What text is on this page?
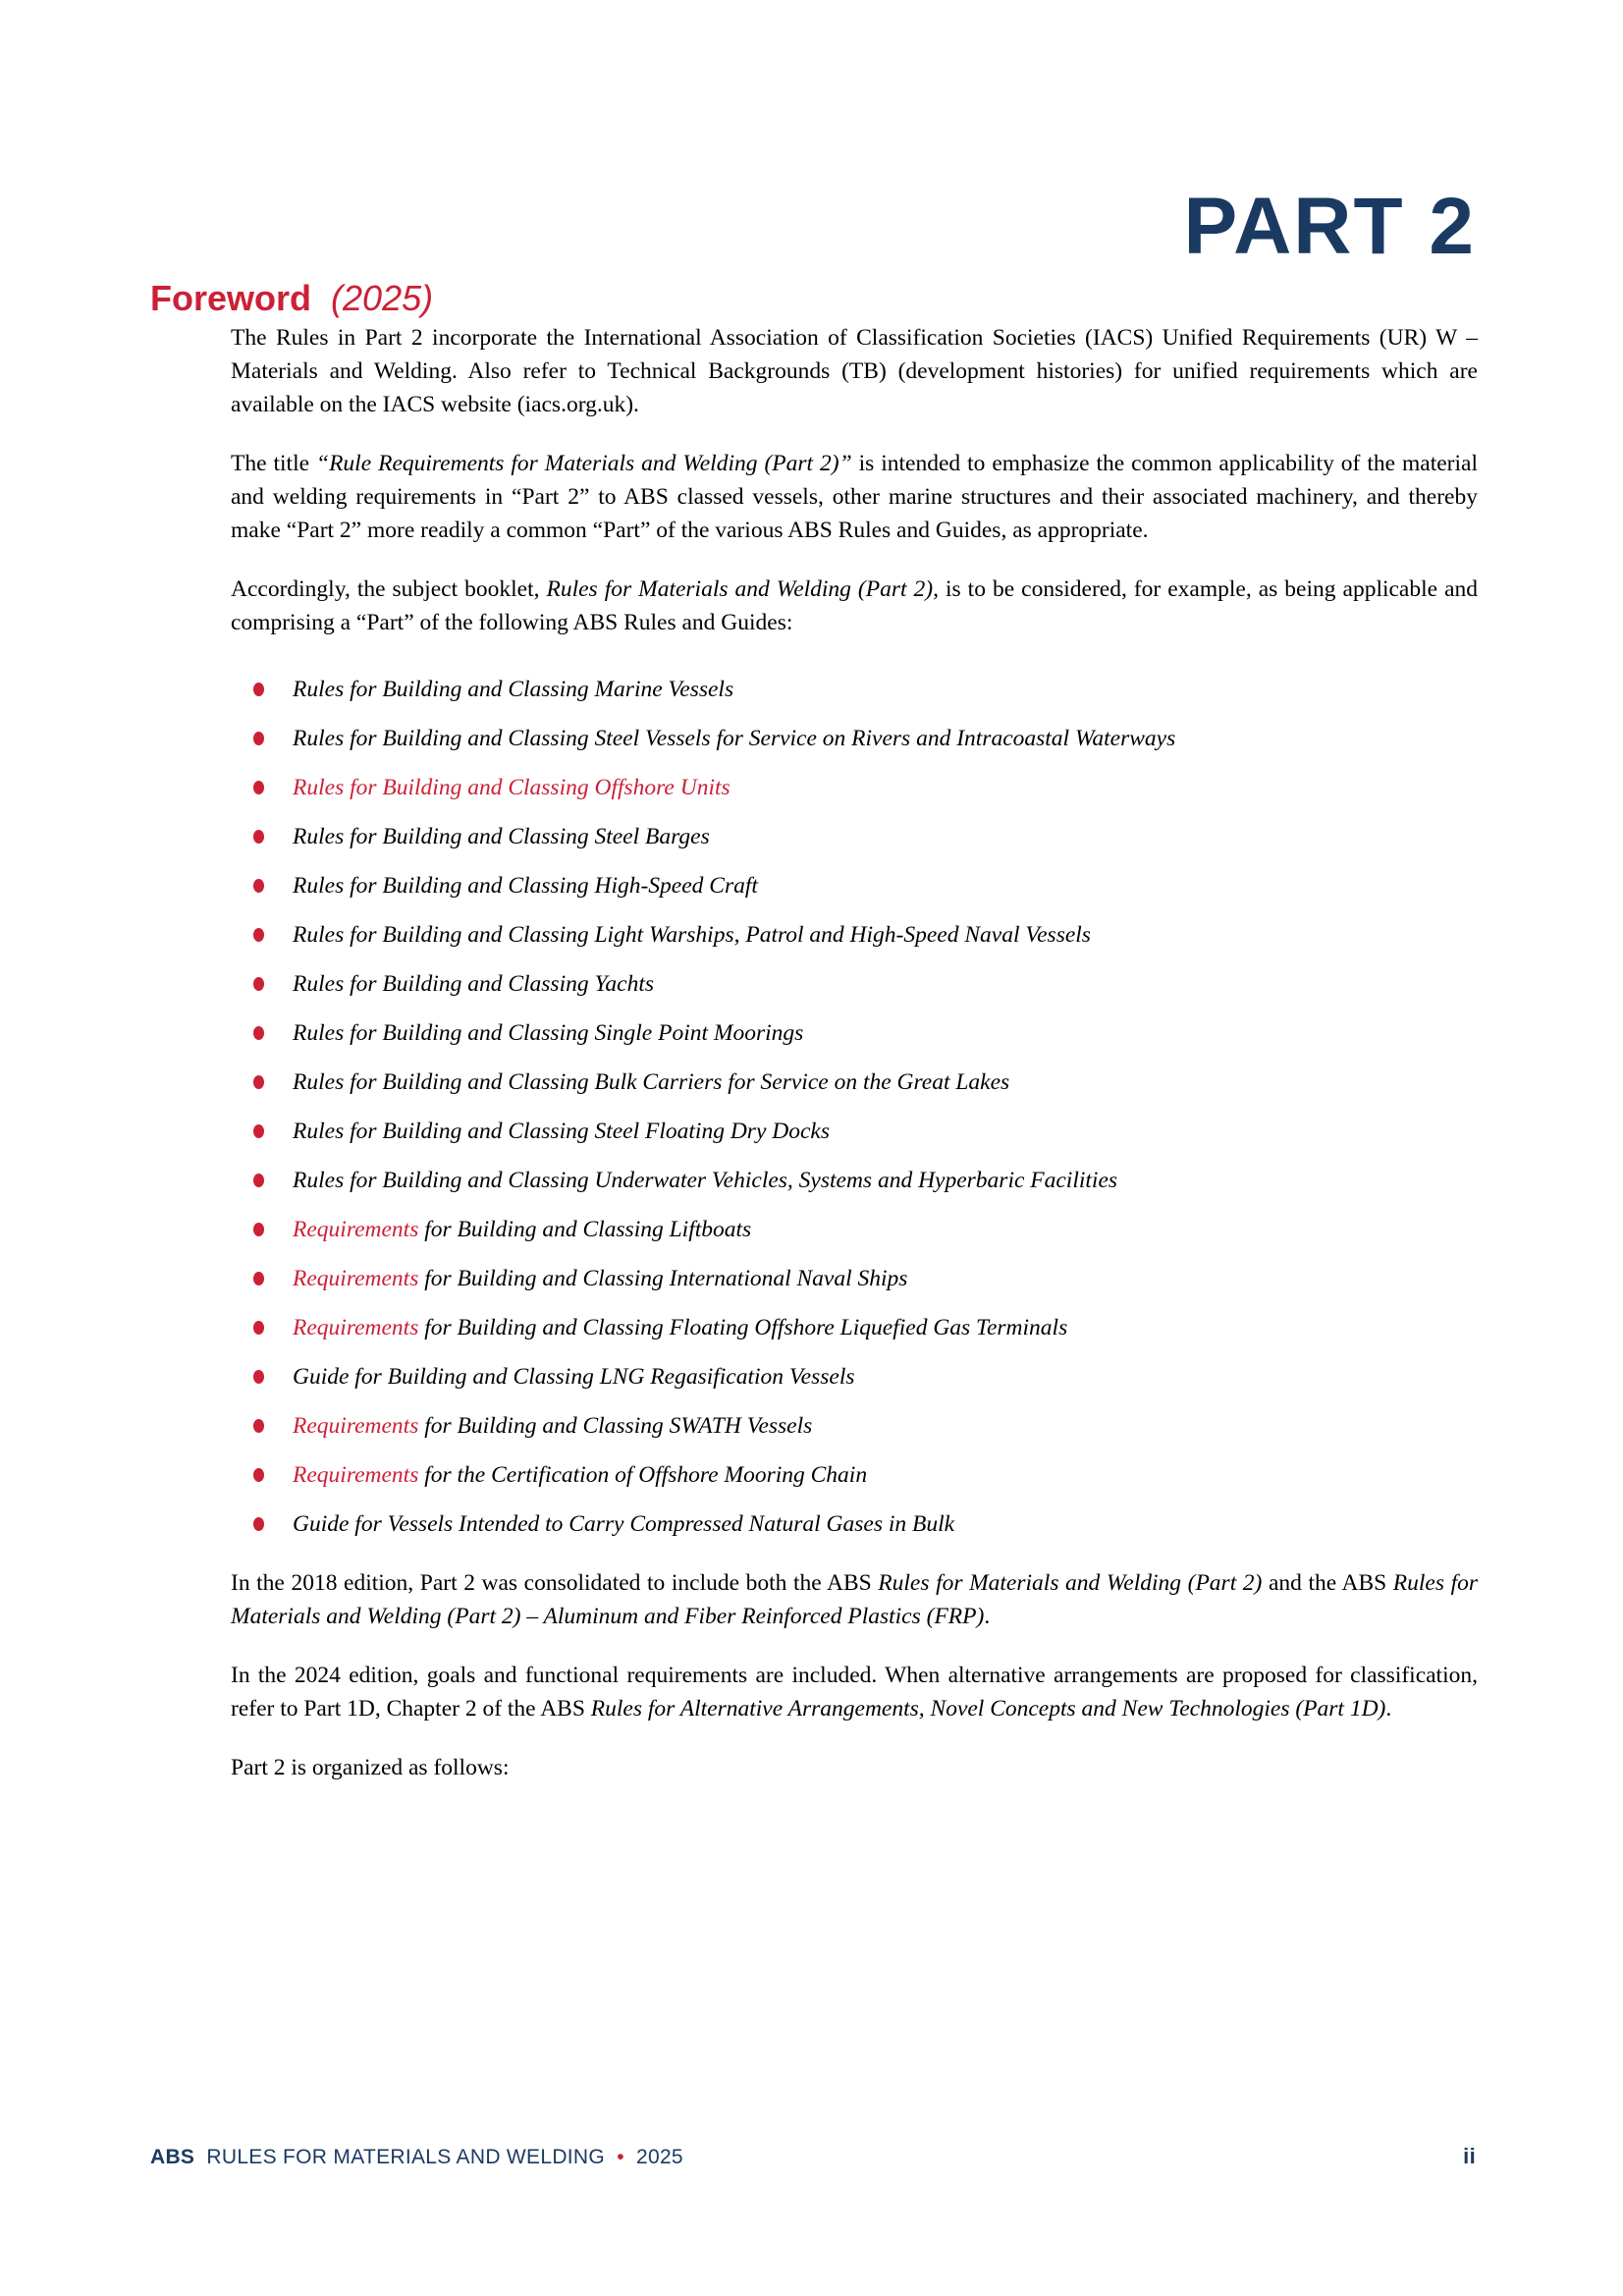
PART 2
Foreword (2025)

The Rules in Part 2 incorporate the International Association of Classification Societies (IACS) Unified Requirements (UR) W – Materials and Welding. Also refer to Technical Backgrounds (TB) (development histories) for unified requirements which are available on the IACS website (iacs.org.uk).

The title “Rule Requirements for Materials and Welding (Part 2)” is intended to emphasize the common applicability of the material and welding requirements in “Part 2” to ABS classed vessels, other marine structures and their associated machinery, and thereby make “Part 2” more readily a common “Part” of the various ABS Rules and Guides, as appropriate.

Accordingly, the subject booklet, Rules for Materials and Welding (Part 2), is to be considered, for example, as being applicable and comprising a “Part” of the following ABS Rules and Guides:

Rules for Building and Classing Marine Vessels
Rules for Building and Classing Steel Vessels for Service on Rivers and Intracoastal Waterways
Rules for Building and Classing Offshore Units
Rules for Building and Classing Steel Barges
Rules for Building and Classing High-Speed Craft
Rules for Building and Classing Light Warships, Patrol and High-Speed Naval Vessels
Rules for Building and Classing Yachts
Rules for Building and Classing Single Point Moorings
Rules for Building and Classing Bulk Carriers for Service on the Great Lakes
Rules for Building and Classing Steel Floating Dry Docks
Rules for Building and Classing Underwater Vehicles, Systems and Hyperbaric Facilities
Requirements for Building and Classing Liftboats
Requirements for Building and Classing International Naval Ships
Requirements for Building and Classing Floating Offshore Liquefied Gas Terminals
Guide for Building and Classing LNG Regasification Vessels
Requirements for Building and Classing SWATH Vessels
Requirements for the Certification of Offshore Mooring Chain
Guide for Vessels Intended to Carry Compressed Natural Gases in Bulk

In the 2018 edition, Part 2 was consolidated to include both the ABS Rules for Materials and Welding (Part 2) and the ABS Rules for Materials and Welding (Part 2) – Aluminum and Fiber Reinforced Plastics (FRP).

In the 2024 edition, goals and functional requirements are included. When alternative arrangements are proposed for classification, refer to Part 1D, Chapter 2 of the ABS Rules for Alternative Arrangements, Novel Concepts and New Technologies (Part 1D).

Part 2 is organized as follows:

ABS RULES FOR MATERIALS AND WELDING • 2025	ii
